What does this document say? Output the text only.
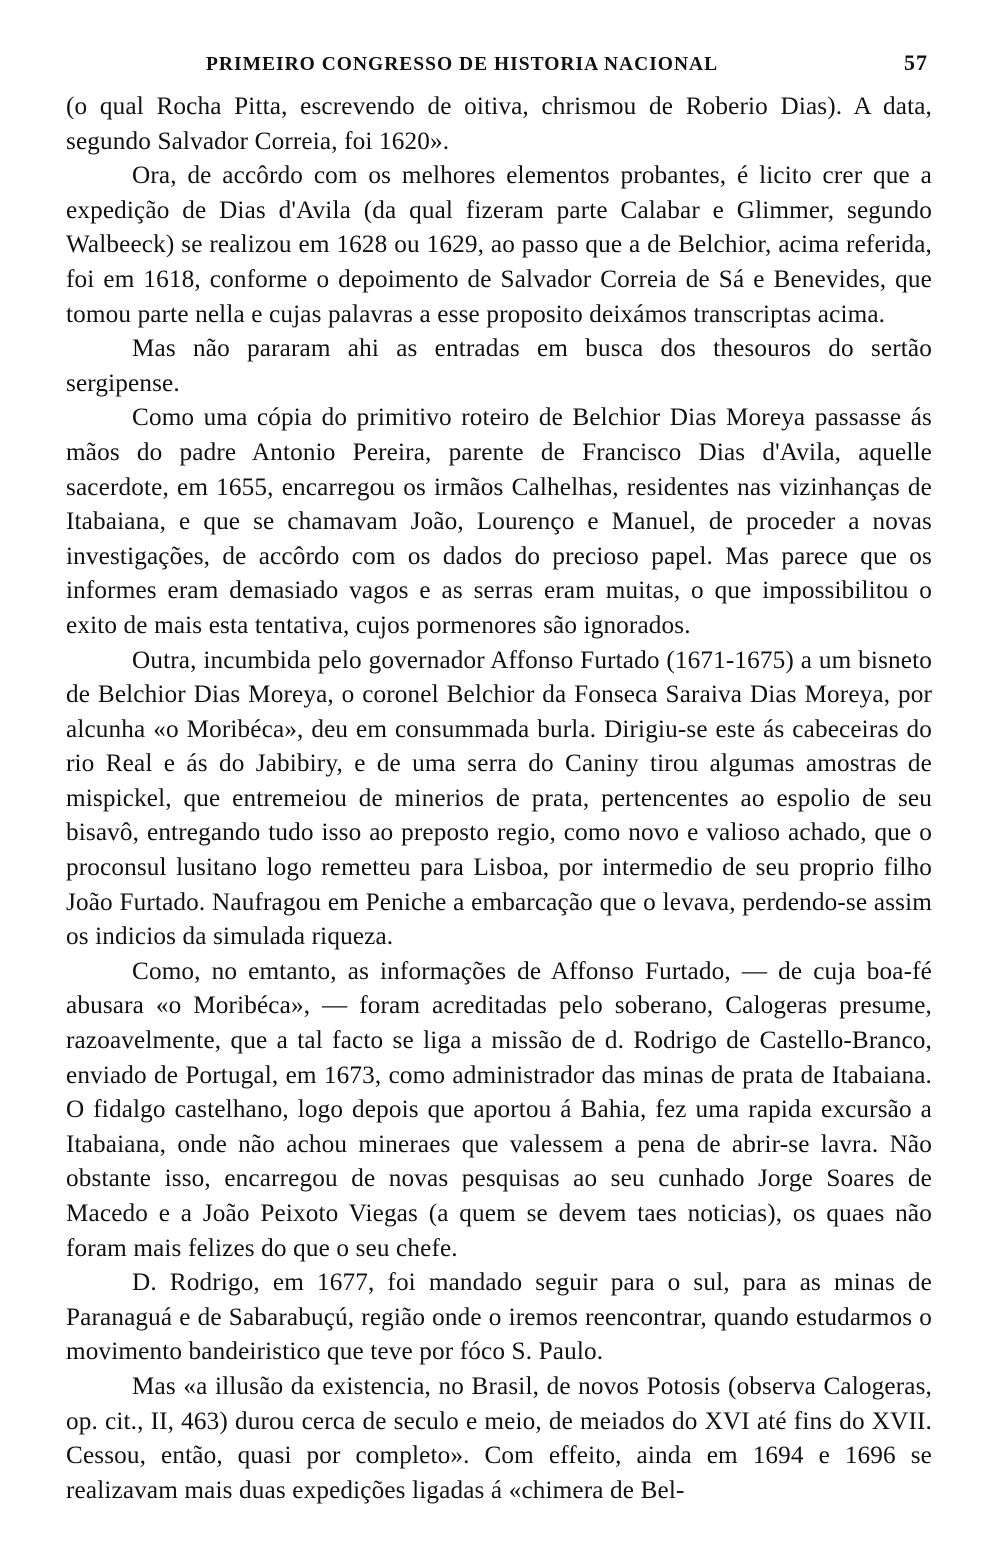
PRIMEIRO CONGRESSO DE HISTORIA NACIONAL	57

(o qual Rocha Pitta, escrevendo de oitiva, chrismou de Roberio Dias). A data, segundo Salvador Correia, foi 1620».

Ora, de accôrdo com os melhores elementos probantes, é licito crer que a expedição de Dias d'Avila (da qual fizeram parte Calabar e Glimmer, segundo Walbeeck) se realizou em 1628 ou 1629, ao passo que a de Belchior, acima referida, foi em 1618, conforme o depoimento de Salvador Correia de Sá e Benevides, que tomou parte nella e cujas palavras a esse proposito deixámos transcriptas acima.

Mas não pararam ahi as entradas em busca dos thesouros do sertão sergipense.

Como uma cópia do primitivo roteiro de Belchior Dias Moreya passasse ás mãos do padre Antonio Pereira, parente de Francisco Dias d'Avila, aquelle sacerdote, em 1655, encarregou os irmãos Calhelhas, residentes nas vizinhanças de Itabaiana, e que se chamavam João, Lourenço e Manuel, de proceder a novas investigações, de accôrdo com os dados do precioso papel. Mas parece que os informes eram demasiado vagos e as serras eram muitas, o que impossibilitou o exito de mais esta tentativa, cujos pormenores são ignorados.

Outra, incumbida pelo governador Affonso Furtado (1671-1675) a um bisneto de Belchior Dias Moreya, o coronel Belchior da Fonseca Saraiva Dias Moreya, por alcunha «o Moribéca», deu em consummada burla. Dirigiu-se este ás cabeceiras do rio Real e ás do Jabibiry, e de uma serra do Caniny tirou algumas amostras de mispickel, que entremeiou de minerios de prata, pertencentes ao espolio de seu bisavô, entregando tudo isso ao preposto regio, como novo e valioso achado, que o proconsul lusitano logo remetteu para Lisboa, por intermedio de seu proprio filho João Furtado. Naufragou em Peniche a embarcação que o levava, perdendo-se assim os indicios da simulada riqueza.

Como, no emtanto, as informações de Affonso Furtado, — de cuja boa-fé abusara «o Moribéca», — foram acreditadas pelo soberano, Calogeras presume, razoavelmente, que a tal facto se liga a missão de d. Rodrigo de Castello-Branco, enviado de Portugal, em 1673, como administrador das minas de prata de Itabaiana. O fidalgo castelhano, logo depois que aportou á Bahia, fez uma rapida excursão a Itabaiana, onde não achou mineraes que valessem a pena de abrir-se lavra. Não obstante isso, encarregou de novas pesquisas ao seu cunhado Jorge Soares de Macedo e a João Peixoto Viegas (a quem se devem taes noticias), os quaes não foram mais felizes do que o seu chefe.

D. Rodrigo, em 1677, foi mandado seguir para o sul, para as minas de Paranaguá e de Sabarabuçú, região onde o iremos reencontrar, quando estudarmos o movimento bandeiristico que teve por fóco S. Paulo.

Mas «a illusão da existencia, no Brasil, de novos Potosis (observa Calogeras, op. cit., II, 463) durou cerca de seculo e meio, de meiados do XVI até fins do XVII. Cessou, então, quasi por completo». Com effeito, ainda em 1694 e 1696 se realizavam mais duas expedições ligadas á «chimera de Bel-
